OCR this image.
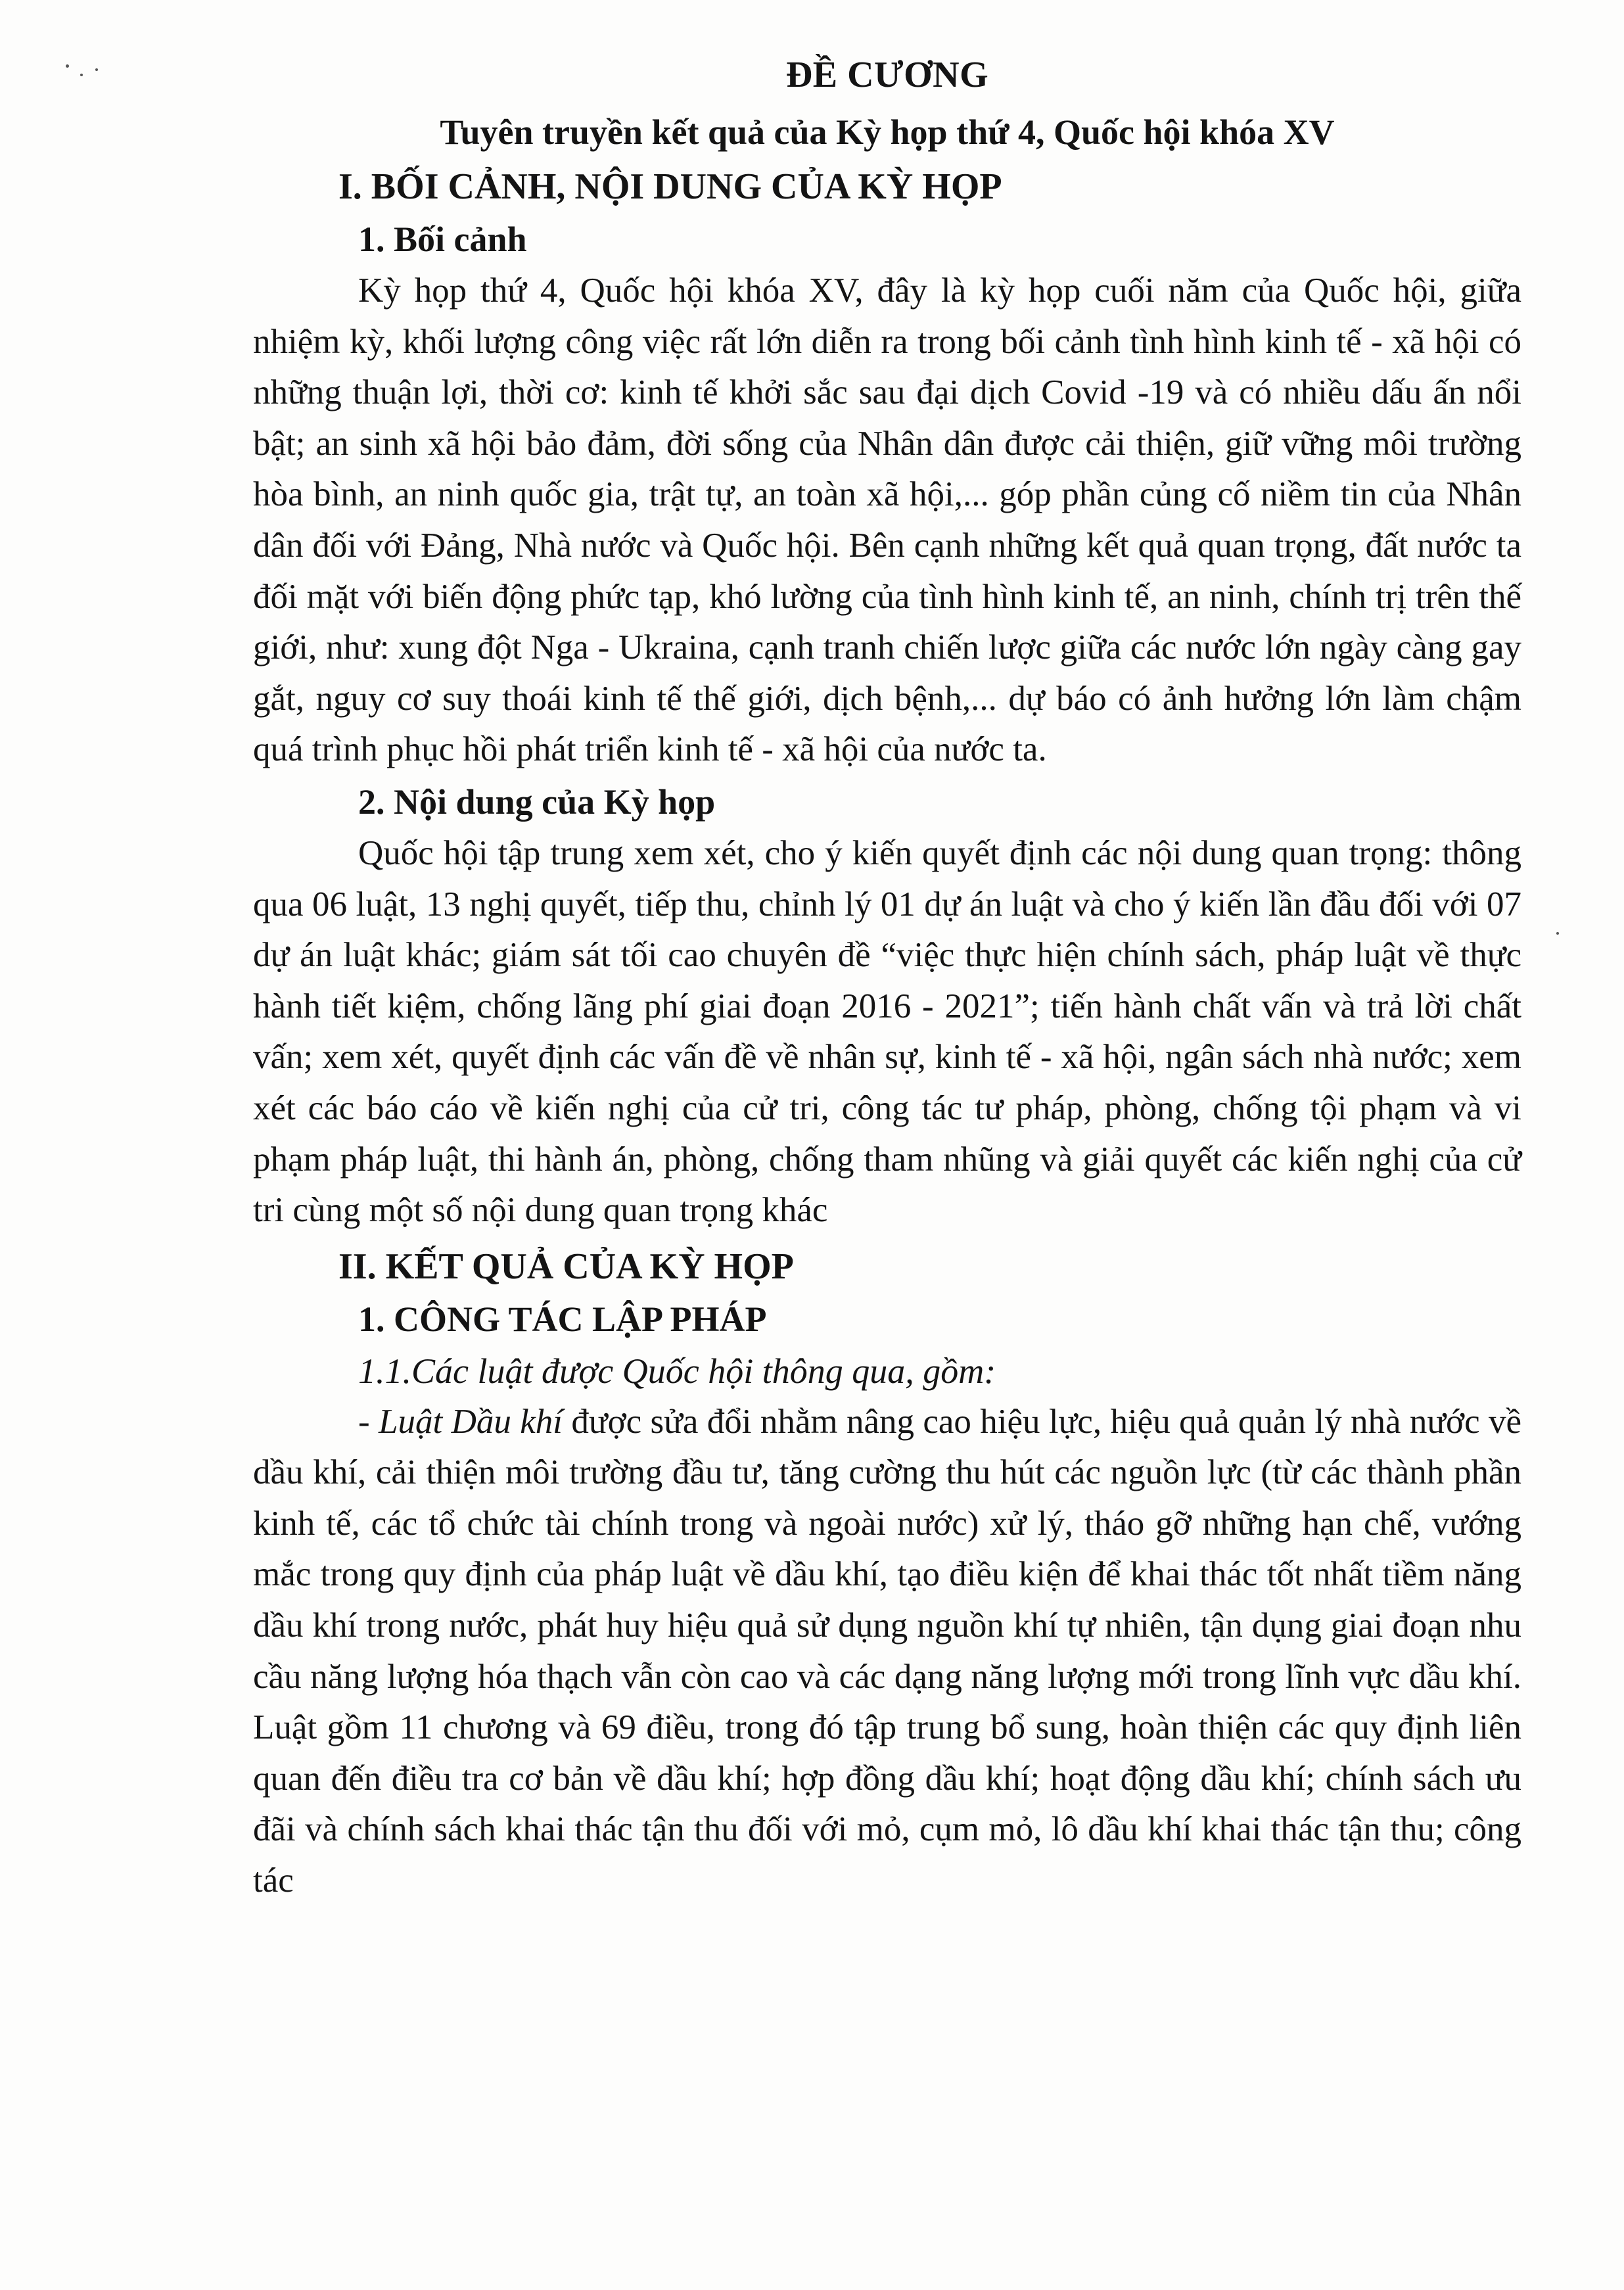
ĐỀ CƯƠNG

Tuyên truyền kết quả của Kỳ họp thứ 4, Quốc hội khóa XV

I. BỐI CẢNH, NỘI DUNG CỦA KỲ HỌP

1. Bối cảnh

Kỳ họp thứ 4, Quốc hội khóa XV, đây là kỳ họp cuối năm của Quốc hội, giữa nhiệm kỳ, khối lượng công việc rất lớn diễn ra trong bối cảnh tình hình kinh tế - xã hội có những thuận lợi, thời cơ: kinh tế khởi sắc sau đại dịch Covid -19 và có nhiều dấu ấn nổi bật; an sinh xã hội bảo đảm, đời sống của Nhân dân được cải thiện, giữ vững môi trường hòa bình, an ninh quốc gia, trật tự, an toàn xã hội,... góp phần củng cố niềm tin của Nhân dân đối với Đảng, Nhà nước và Quốc hội. Bên cạnh những kết quả quan trọng, đất nước ta đối mặt với biến động phức tạp, khó lường của tình hình kinh tế, an ninh, chính trị trên thế giới, như: xung đột Nga - Ukraina, cạnh tranh chiến lược giữa các nước lớn ngày càng gay gắt, nguy cơ suy thoái kinh tế thế giới, dịch bệnh,... dự báo có ảnh hưởng lớn làm chậm quá trình phục hồi phát triển kinh tế - xã hội của nước ta.

2. Nội dung của Kỳ họp

Quốc hội tập trung xem xét, cho ý kiến quyết định các nội dung quan trọng: thông qua 06 luật, 13 nghị quyết, tiếp thu, chỉnh lý 01 dự án luật và cho ý kiến lần đầu đối với 07 dự án luật khác; giám sát tối cao chuyên đề “việc thực hiện chính sách, pháp luật về thực hành tiết kiệm, chống lãng phí giai đoạn 2016 - 2021”; tiến hành chất vấn và trả lời chất vấn; xem xét, quyết định các vấn đề về nhân sự, kinh tế - xã hội, ngân sách nhà nước; xem xét các báo cáo về kiến nghị của cử tri, công tác tư pháp, phòng, chống tội phạm và vi phạm pháp luật, thi hành án, phòng, chống tham nhũng và giải quyết các kiến nghị của cử tri cùng một số nội dung quan trọng khác

II. KẾT QUẢ CỦA KỲ HỌP

1. CÔNG TÁC LẬP PHÁP

1.1.Các luật được Quốc hội thông qua, gồm:

- Luật Dầu khí được sửa đổi nhằm nâng cao hiệu lực, hiệu quả quản lý nhà nước về dầu khí, cải thiện môi trường đầu tư, tăng cường thu hút các nguồn lực (từ các thành phần kinh tế, các tổ chức tài chính trong và ngoài nước) xử lý, tháo gỡ những hạn chế, vướng mắc trong quy định của pháp luật về dầu khí, tạo điều kiện để khai thác tốt nhất tiềm năng dầu khí trong nước, phát huy hiệu quả sử dụng nguồn khí tự nhiên, tận dụng giai đoạn nhu cầu năng lượng hóa thạch vẫn còn cao và các dạng năng lượng mới trong lĩnh vực dầu khí. Luật gồm 11 chương và 69 điều, trong đó tập trung bổ sung, hoàn thiện các quy định liên quan đến điều tra cơ bản về dầu khí; hợp đồng dầu khí; hoạt động dầu khí; chính sách ưu đãi và chính sách khai thác tận thu đối với mỏ, cụm mỏ, lô dầu khí khai thác tận thu; công tác
